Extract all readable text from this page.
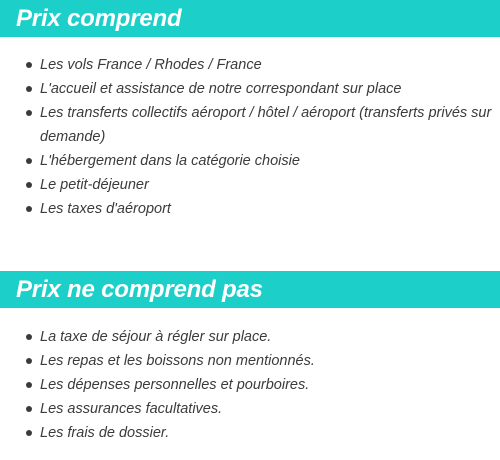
Prix comprend
Les vols France / Rhodes / France
L'accueil et assistance de notre correspondant sur place
Les transferts collectifs aéroport / hôtel / aéroport (transferts privés sur demande)
L'hébergement dans la catégorie choisie
Le petit-déjeuner
Les taxes d'aéroport
Prix ne comprend pas
La taxe de séjour à régler sur place.
Les repas et les boissons non mentionnés.
Les dépenses personnelles et pourboires.
Les assurances facultatives.
Les frais de dossier.
